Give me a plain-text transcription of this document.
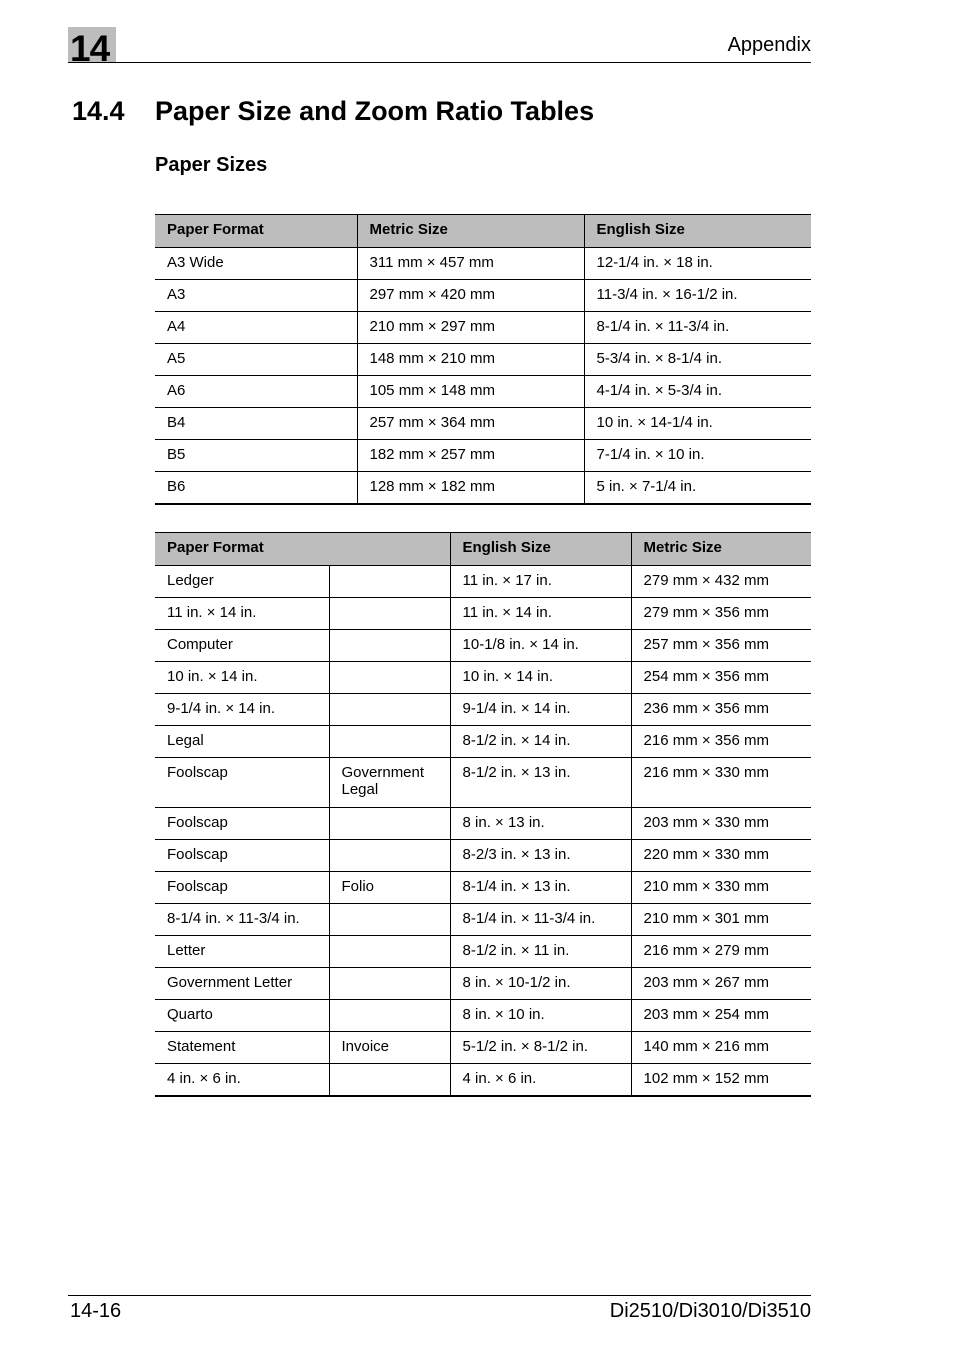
14	Appendix
14.4 Paper Size and Zoom Ratio Tables
Paper Sizes
Paper Format	Metric Size	English Size
A3 Wide	311 mm × 457 mm	12-1/4 in. × 18 in.
A3	297 mm × 420 mm	11-3/4 in. × 16-1/2 in.
A4	210 mm × 297 mm	8-1/4 in. × 11-3/4 in.
A5	148 mm × 210 mm	5-3/4 in. × 8-1/4 in.
A6	105 mm × 148 mm	4-1/4 in. × 5-3/4 in.
B4	257 mm × 364 mm	10 in. × 14-1/4 in.
B5	182 mm × 257 mm	7-1/4 in. × 10 in.
B6	128 mm × 182 mm	5 in. × 7-1/4 in.
Paper Format		English Size	Metric Size
Ledger		11 in. × 17 in.	279 mm × 432 mm
11 in. × 14 in.		11 in. × 14 in.	279 mm × 356 mm
Computer		10-1/8 in. × 14 in.	257 mm × 356 mm
10 in. × 14 in.		10 in. × 14 in.	254 mm × 356 mm
9-1/4 in. × 14 in.		9-1/4 in. × 14 in.	236 mm × 356 mm
Legal		8-1/2 in. × 14 in.	216 mm × 356 mm
Foolscap	Government Legal	8-1/2 in. × 13 in.	216 mm × 330 mm
Foolscap		8 in. × 13 in.	203 mm × 330 mm
Foolscap		8-2/3 in. × 13 in.	220 mm × 330 mm
Foolscap	Folio	8-1/4 in. × 13 in.	210 mm × 330 mm
8-1/4 in. × 11-3/4 in.		8-1/4 in. × 11-3/4 in.	210 mm × 301 mm
Letter		8-1/2 in. × 11 in.	216 mm × 279 mm
Government Letter		8 in. × 10-1/2 in.	203 mm × 267 mm
Quarto		8 in. × 10 in.	203 mm × 254 mm
Statement	Invoice	5-1/2 in. × 8-1/2 in.	140 mm × 216 mm
4 in. × 6 in.		4 in. × 6 in.	102 mm × 152 mm
14-16	Di2510/Di3010/Di3510
